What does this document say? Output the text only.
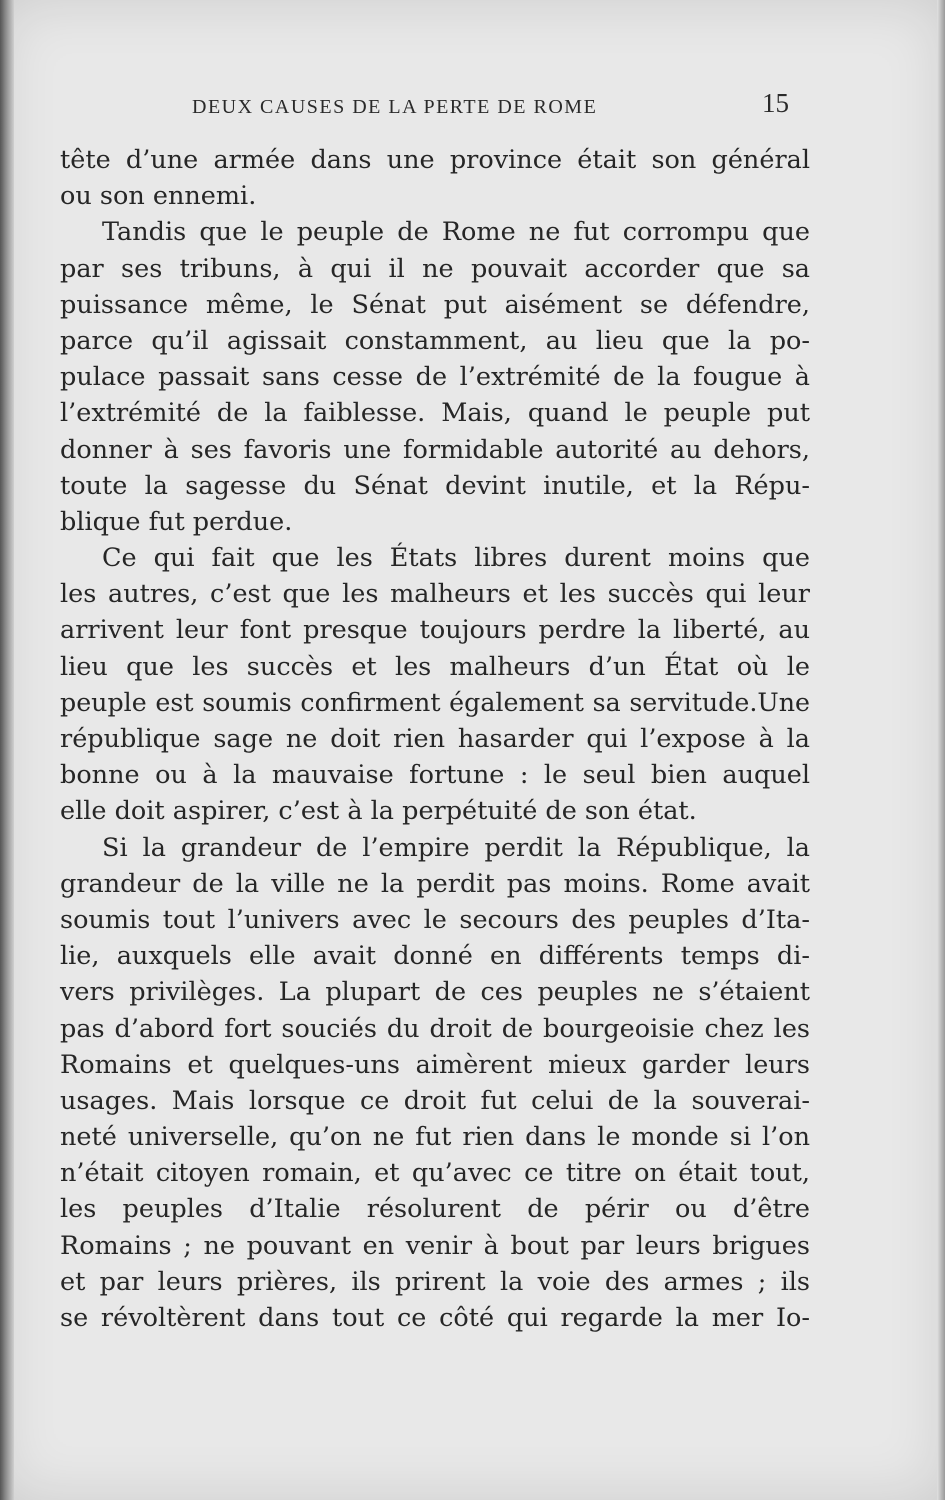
DEUX CAUSES DE LA PERTE DE ROME	15

tête d’une armée dans une province était son général
ou son ennemi.

Tandis que le peuple de Rome ne fut corrompu que
par ses tribuns, à qui il ne pouvait accorder que sa
puissance même, le Sénat put aisément se défendre,
parce qu’il agissait constamment, au lieu que la po-
pulace passait sans cesse de l’extrémité de la fougue à
l’extrémité de la faiblesse. Mais, quand le peuple put
donner à ses favoris une formidable autorité au dehors,
toute la sagesse du Sénat devint inutile, et la Répu-
blique fut perdue.

Ce qui fait que les États libres durent moins que
les autres, c’est que les malheurs et les succès qui leur
arrivent leur font presque toujours perdre la liberté, au
lieu que les succès et les malheurs d’un État où le
peuple est soumis confirment également sa servitude.Une
république sage ne doit rien hasarder qui l’expose à la
bonne ou à la mauvaise fortune : le seul bien auquel
elle doit aspirer, c’est à la perpétuité de son état.

Si la grandeur de l’empire perdit la République, la
grandeur de la ville ne la perdit pas moins. Rome avait
soumis tout l’univers avec le secours des peuples d’Ita-
lie, auxquels elle avait donné en différents temps di-
vers privilèges. La plupart de ces peuples ne s’étaient
pas d’abord fort souciés du droit de bourgeoisie chez les
Romains et quelques-uns aimèrent mieux garder leurs
usages. Mais lorsque ce droit fut celui de la souverai-
neté universelle, qu’on ne fut rien dans le monde si l’on
n’était citoyen romain, et qu’avec ce titre on était tout,
les peuples d’Italie résolurent de périr ou d’être
Romains ; ne pouvant en venir à bout par leurs brigues
et par leurs prières, ils prirent la voie des armes ; ils
se révoltèrent dans tout ce côté qui regarde la mer Io-
